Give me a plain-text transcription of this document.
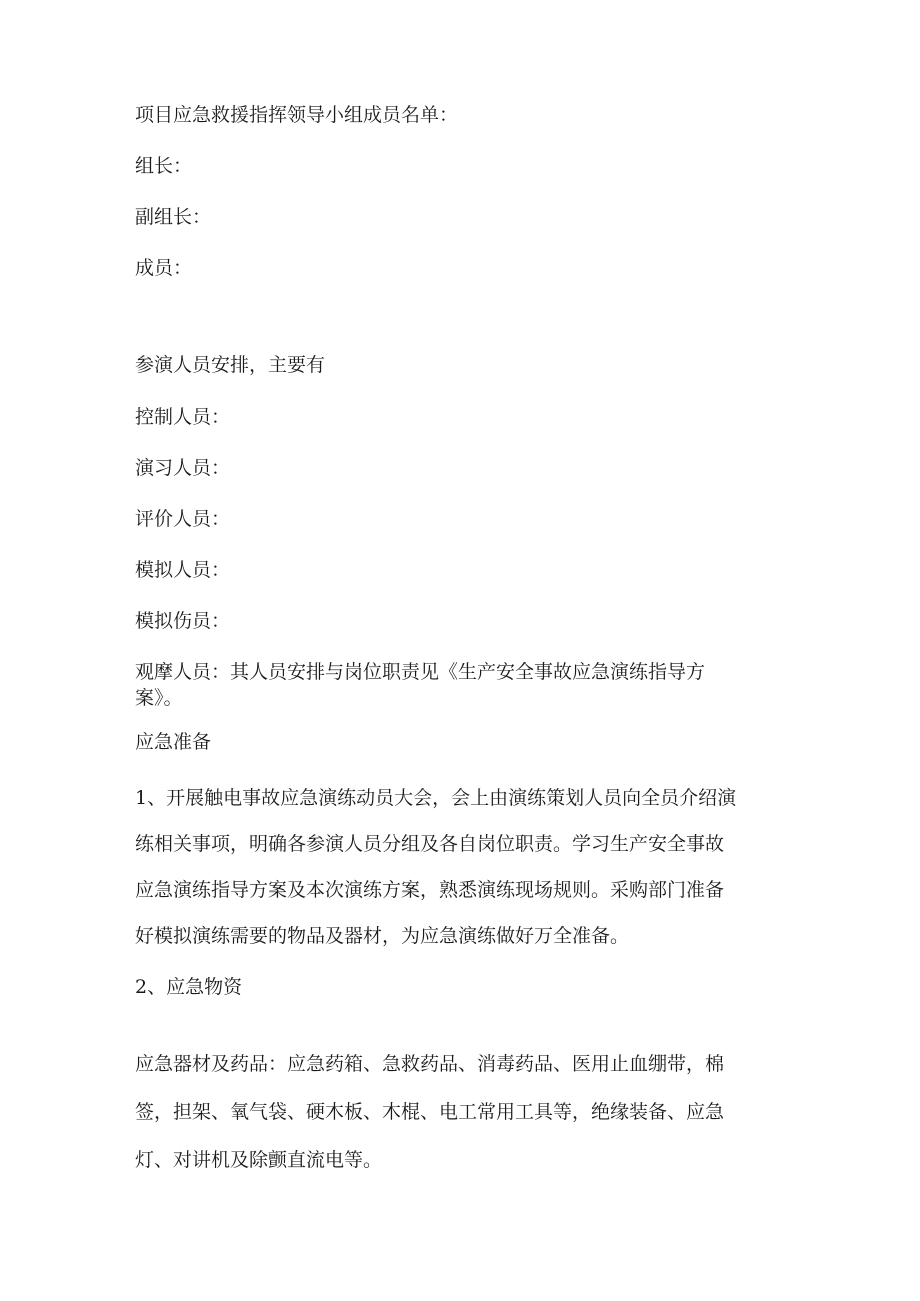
项目应急救援指挥领导小组成员名单：
组长：
副组长：
成员：
参演人员安排，主要有
控制人员：
演习人员：
评价人员：
模拟人员：
模拟伤员：
观摩人员：其人员安排与岗位职责见《生产安全事故应急演练指导方
案》。
应急准备
1、开展触电事故应急演练动员大会，会上由演练策划人员向全员介绍演
练相关事项，明确各参演人员分组及各自岗位职责。学习生产安全事故
应急演练指导方案及本次演练方案，熟悉演练现场规则。采购部门准备
好模拟演练需要的物品及器材，为应急演练做好万全准备。
2、应急物资
应急器材及药品：应急药箱、急救药品、消毒药品、医用止血绷带，棉
签，担架、氧气袋、硬木板、木棍、电工常用工具等，绝缘装备、应急
灯、对讲机及除颤直流电等。
